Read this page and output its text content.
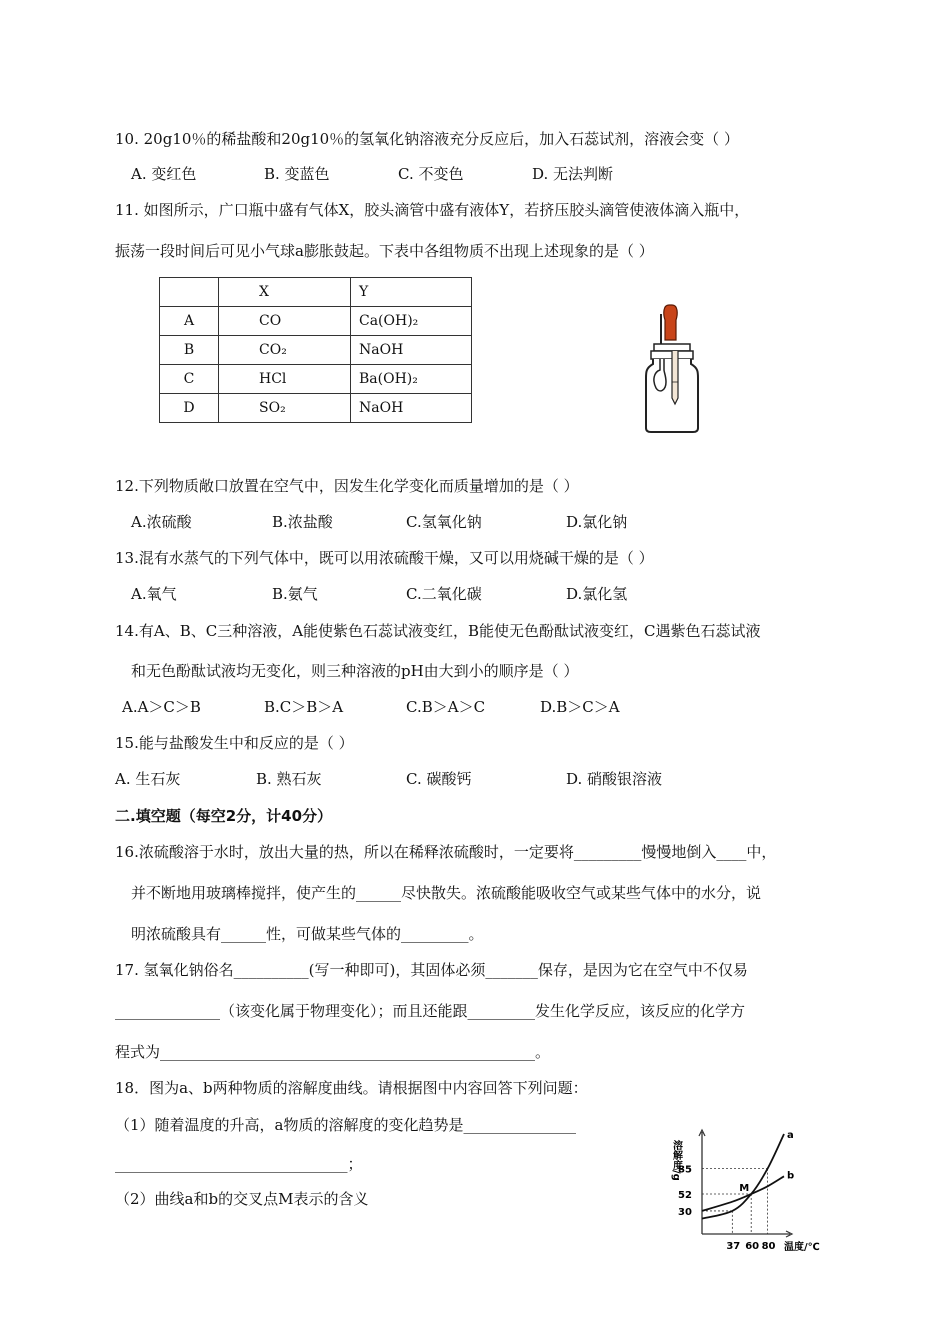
10. 20g10％的稀盐酸和20g10％的氢氧化钠溶液充分反应后，加入石蕊试剂，溶液会变（ ）
A. 变红色	B. 变蓝色	C. 不变色	D. 无法判断
11. 如图所示，广口瓶中盛有气体X，胶头滴管中盛有液体Y，若挤压胶头滴管使液体滴入瓶中，
振荡一段时间后可见小气球a膨胀鼓起。下表中各组物质不出现上述现象的是（ ）
	X	Y
A	CO	Ca(OH)₂
B	CO₂	NaOH
C	HCl	Ba(OH)₂
D	SO₂	NaOH
12.下列物质敞口放置在空气中，因发生化学变化而质量增加的是（ ）
A.浓硫酸	B.浓盐酸	C.氢氧化钠	D.氯化钠
13.混有水蒸气的下列气体中，既可以用浓硫酸干燥，又可以用烧碱干燥的是（ ）
A.氧气	B.氨气	C.二氧化碳	D.氯化氢
14.有A、B、C三种溶液，A能使紫色石蕊试液变红，B能使无色酚酞试液变红，C遇紫色石蕊试液
和无色酚酞试液均无变化，则三种溶液的pH由大到小的顺序是（ ）
A.A＞C＞B	B.C＞B＞A	C.B＞A＞C	D.B＞C＞A
15.能与盐酸发生中和反应的是（ ）
A. 生石灰	B. 熟石灰	C. 碳酸钙	D. 硝酸银溶液
二.填空题（每空2分，计40分）
16.浓硫酸溶于水时，放出大量的热，所以在稀释浓硫酸时，一定要将_________慢慢地倒入____中，
并不断地用玻璃棒搅拌，使产生的______尽快散失。浓硫酸能吸收空气或某些气体中的水分，说
明浓硫酸具有______性，可做某些气体的_________。
17. 氢氧化钠俗名__________(写一种即可)，其固体必须_______保存，是因为它在空气中不仅易
______________（该变化属于物理变化）；而且还能跟_________发生化学反应，该反应的化学方
程式为__________________________________________________。
18．图为a、b两种物质的溶解度曲线。请根据图中内容回答下列问题：
（1）随着温度的升高，a物质的溶解度的变化趋势是_______________
_______________________________；
（2）曲线a和b的交叉点M表示的含义
溶解度/g
a
b
85
52
30
37 60 80
M
温度/℃
